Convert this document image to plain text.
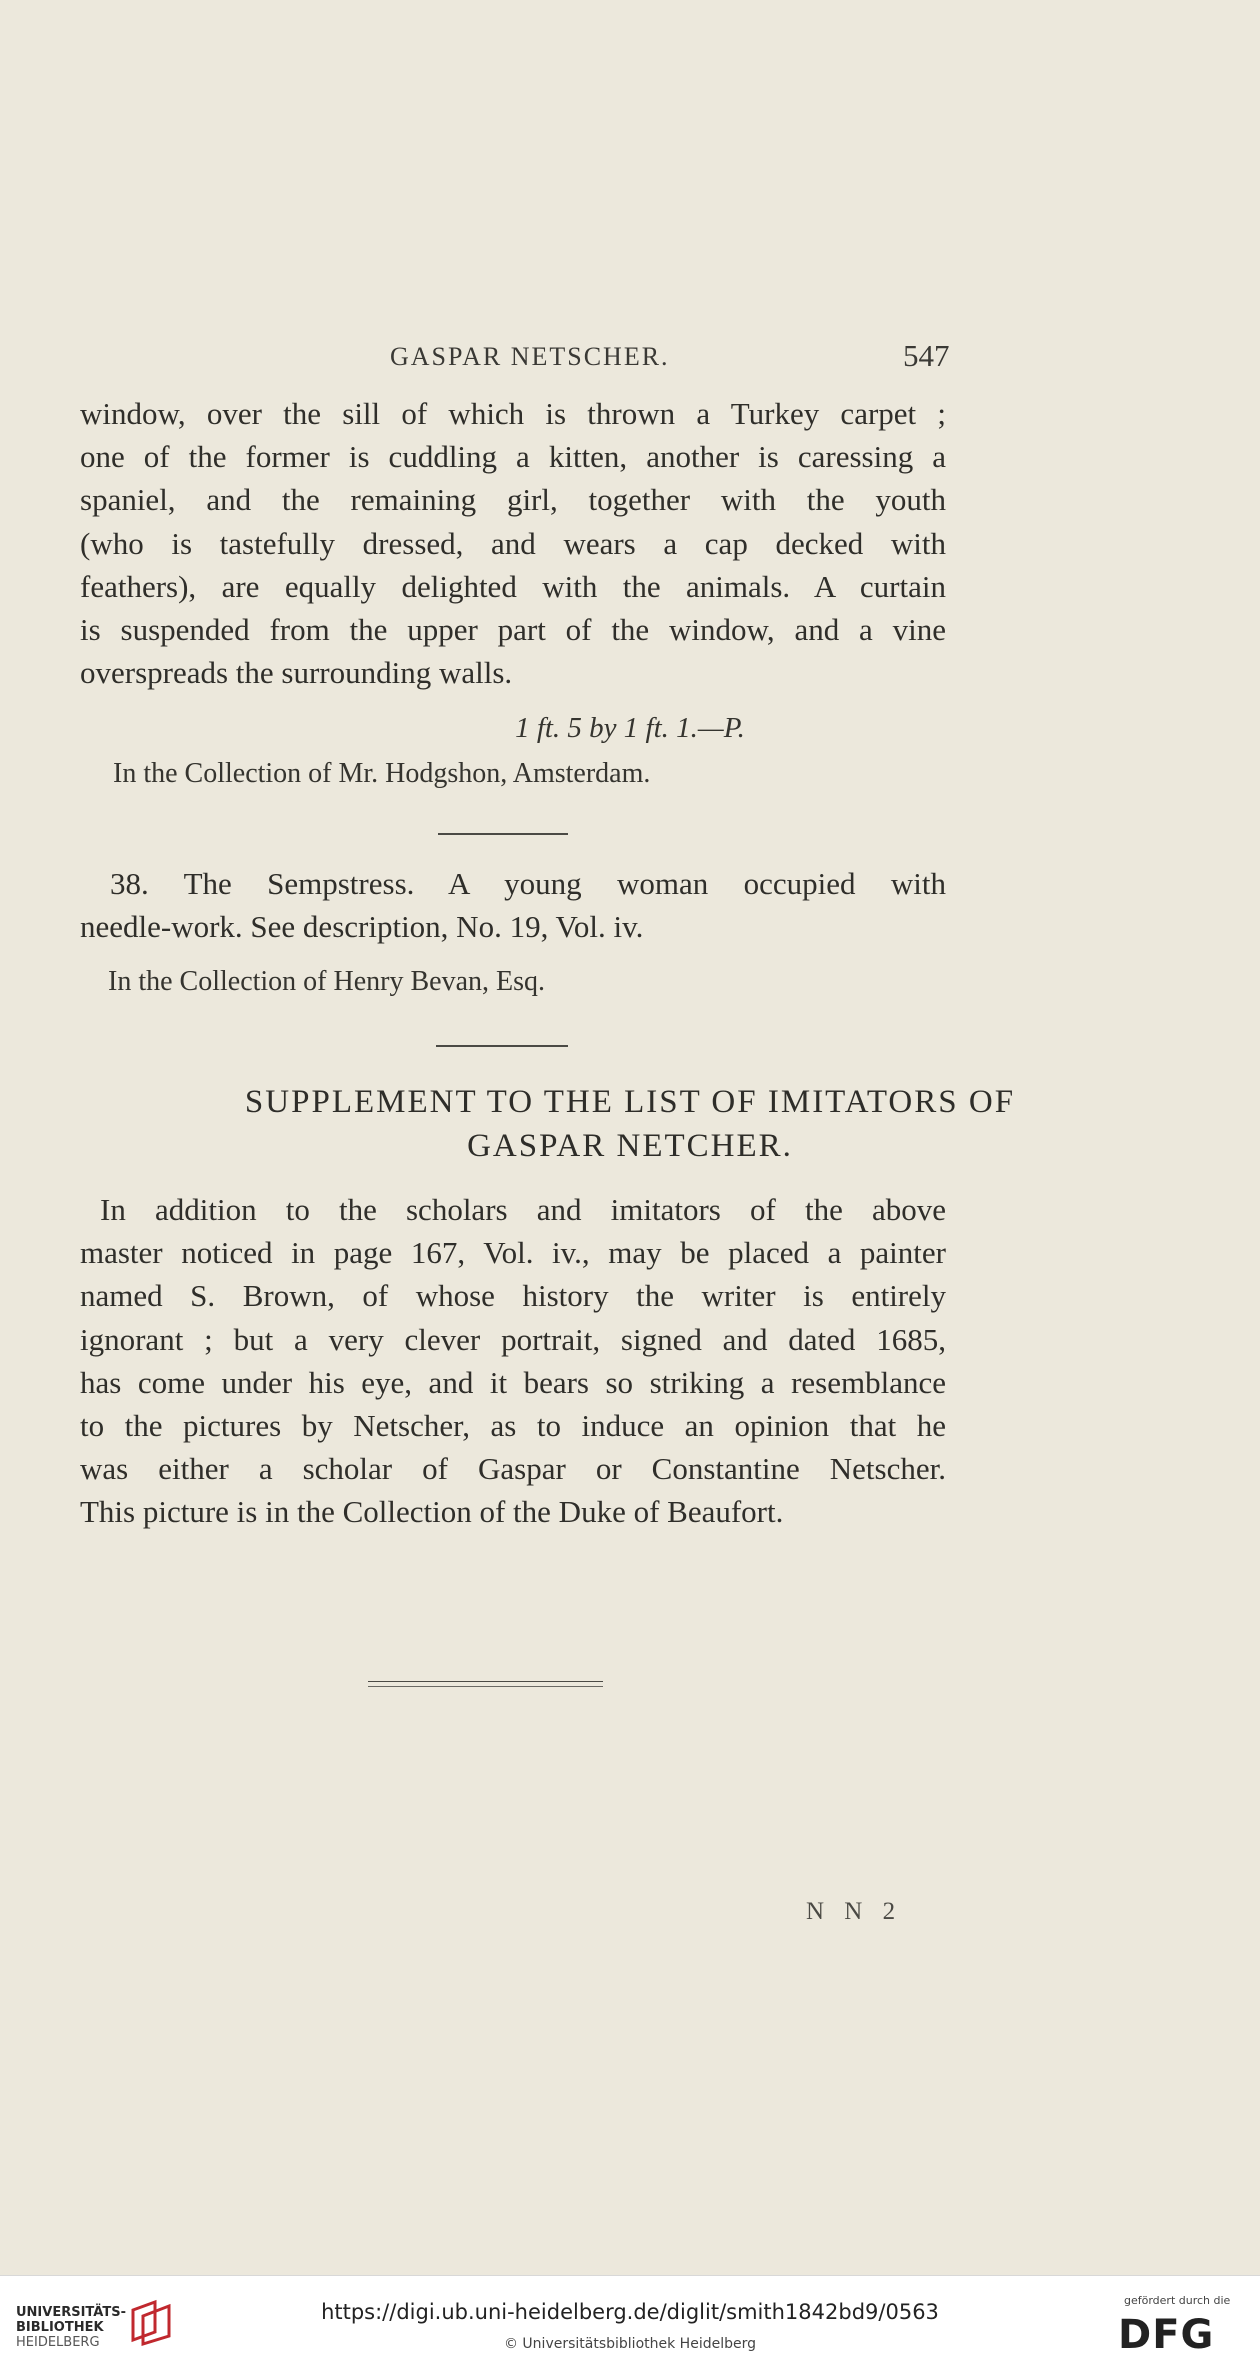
GASPAR NETSCHER.	547
window, over the sill of which is thrown a Turkey carpet ;
one of the former is cuddling a kitten, another is caressing a
spaniel, and the remaining girl, together with the youth
(who is tastefully dressed, and wears a cap decked with
feathers), are equally delighted with the animals. A curtain
is suspended from the upper part of the window, and a vine
overspreads the surrounding walls.
1 ft. 5 by 1 ft. 1.—P.
In the Collection of Mr. Hodgshon, Amsterdam.
38. The Sempstress. A young woman occupied with
needle-work. See description, No. 19, Vol. iv.
In the Collection of Henry Bevan, Esq.
SUPPLEMENT TO THE LIST OF IMITATORS OF
GASPAR NETCHER.
In addition to the scholars and imitators of the above
master noticed in page 167, Vol. iv., may be placed a painter
named S. Brown, of whose history the writer is entirely
ignorant ; but a very clever portrait, signed and dated 1685,
has come under his eye, and it bears so striking a resemblance
to the pictures by Netscher, as to induce an opinion that he
was either a scholar of Gaspar or Constantine Netscher.
This picture is in the Collection of the Duke of Beaufort.
N N 2
UNIVERSITÄTS-
BIBLIOTHEK
HEIDELBERG
https://digi.ub.uni-heidelberg.de/diglit/smith1842bd9/0563
© Universitätsbibliothek Heidelberg
gefördert durch die
DFG
